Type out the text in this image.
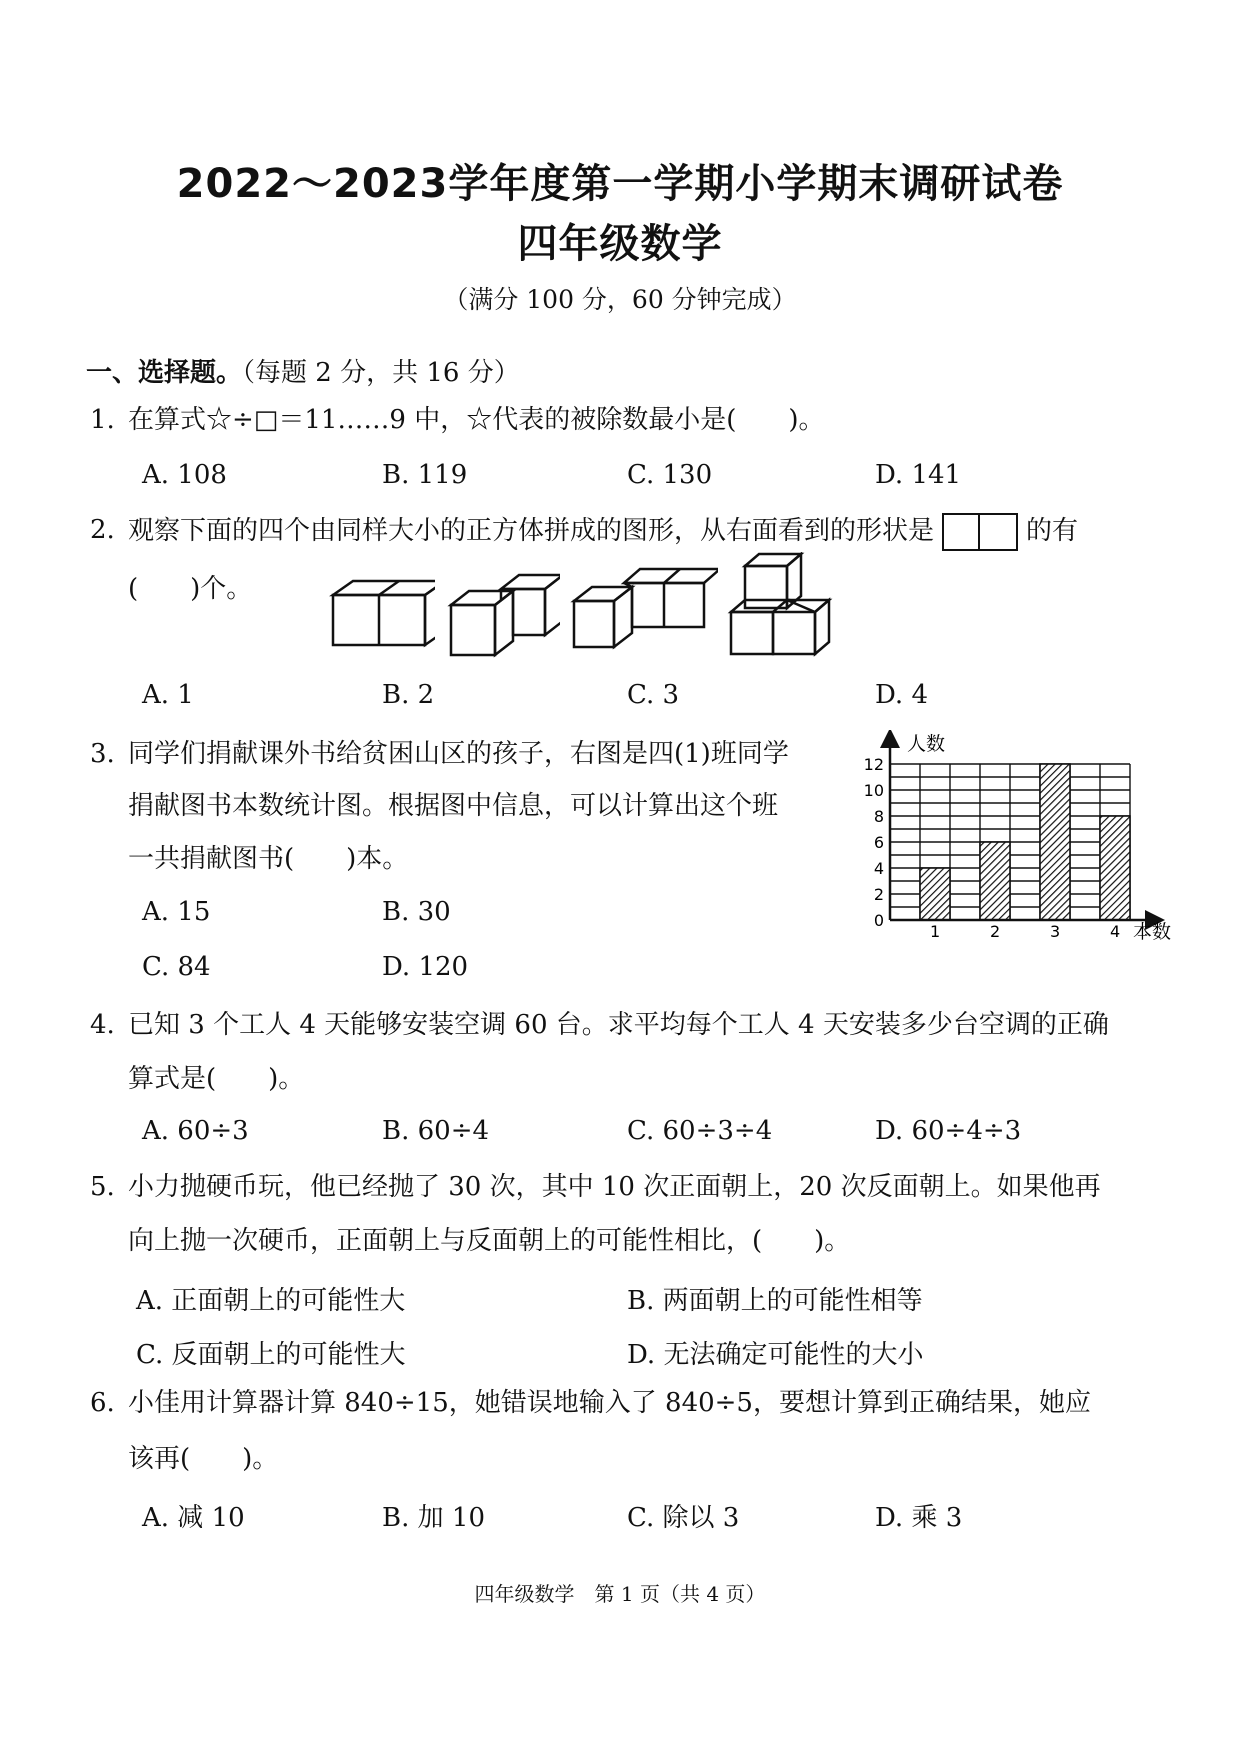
2022～2023学年度第一学期小学期末调研试卷
四年级数学
（满分 100 分，60 分钟完成）
一、选择题。（每题 2 分，共 16 分）
1. 在算式☆÷□＝11……9 中，☆代表的被除数最小是(　　)。
A. 108	B. 119	C. 130	D. 141
2. 观察下面的四个由同样大小的正方体拼成的图形，从右面看到的形状是	的有
(　　)个。
A. 1	B. 2	C. 3	D. 4
3. 同学们捐献课外书给贫困山区的孩子，右图是四(1)班同学
捐献图书本数统计图。根据图中信息，可以计算出这个班
一共捐献图书(　　)本。
A. 15	B. 30
C. 84	D. 120
0
2
4
6
8
10
12
1	2	3	4
人数
本数
4. 已知 3 个工人 4 天能够安装空调 60 台。求平均每个工人 4 天安装多少台空调的正确
算式是(　　)。
A. 60÷3	B. 60÷4	C. 60÷3÷4	D. 60÷4÷3
5. 小力抛硬币玩，他已经抛了 30 次，其中 10 次正面朝上，20 次反面朝上。如果他再
向上抛一次硬币，正面朝上与反面朝上的可能性相比，(　　)。
A. 正面朝上的可能性大	B. 两面朝上的可能性相等
C. 反面朝上的可能性大	D. 无法确定可能性的大小
6. 小佳用计算器计算 840÷15，她错误地输入了 840÷5，要想计算到正确结果，她应
该再(　　)。
A. 减 10	B. 加 10	C. 除以 3	D. 乘 3
四年级数学　第 1 页（共 4 页）
